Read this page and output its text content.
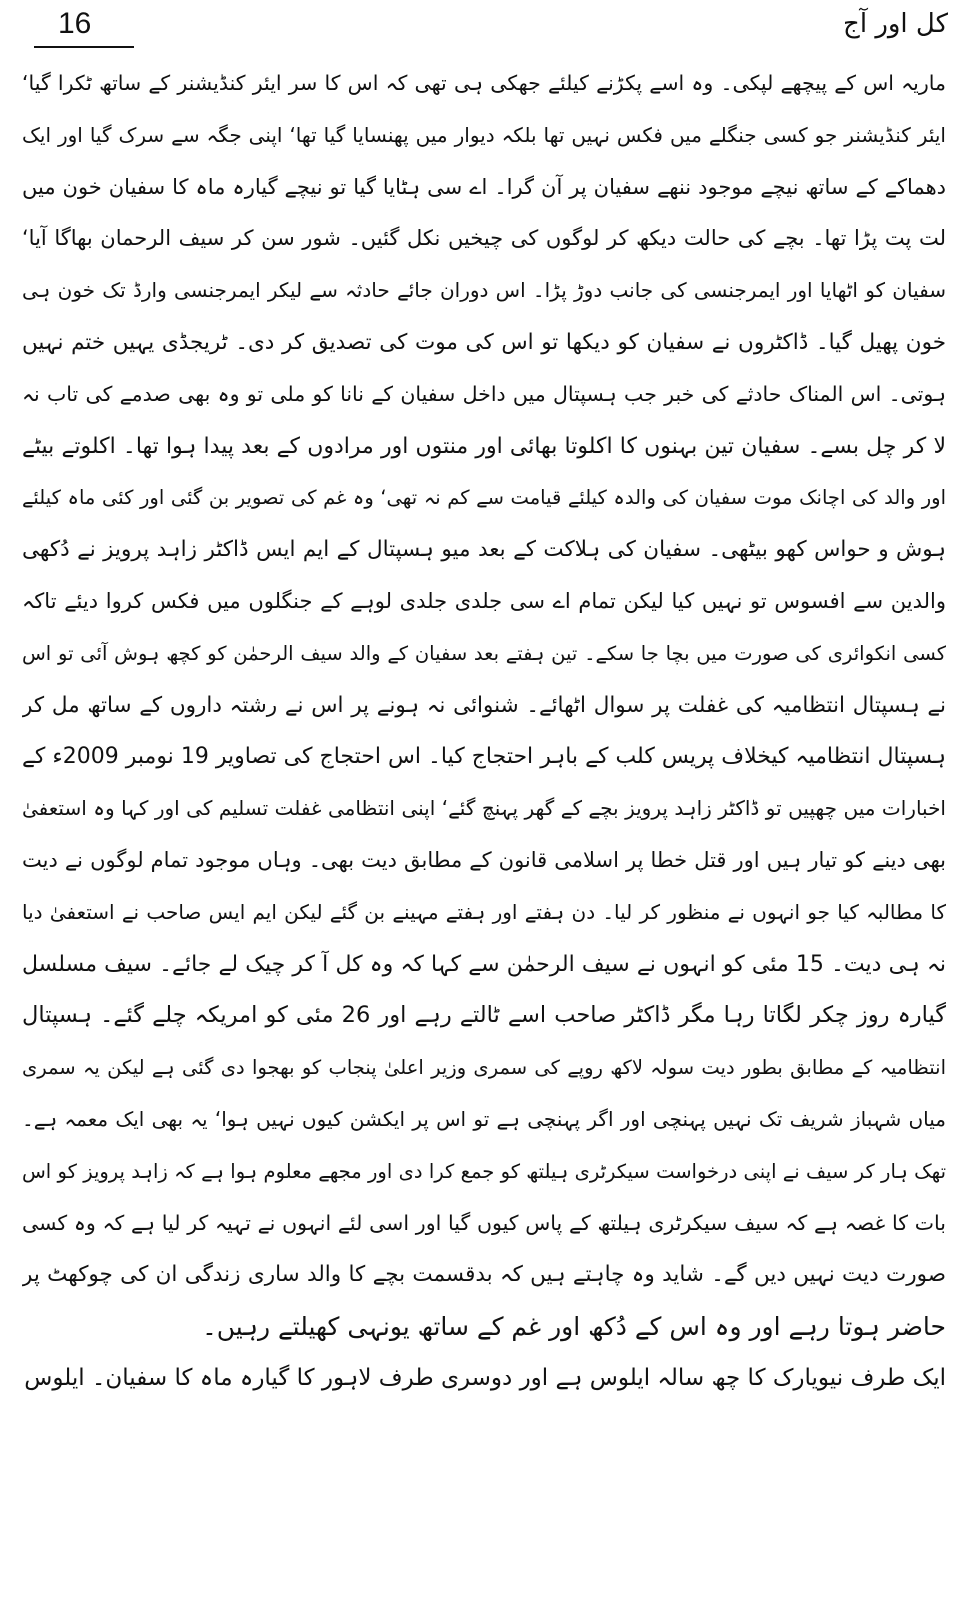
16	کل اور آج
ماریہ اس کے پیچھے لپکی۔ وہ اسے پکڑنے کیلئے جھکی ہی تھی کہ اس کا سر ایئر کنڈیشنر کے ساتھ ٹکرا گیا‘
ایئر کنڈیشنر جو کسی جنگلے میں فکس نہیں تھا بلکہ دیوار میں پھنسایا گیا تھا‘ اپنی جگہ سے سرک گیا اور ایک
دھماکے کے ساتھ نیچے موجود ننھے سفیان پر آن گرا۔ اے سی ہٹایا گیا تو نیچے گیارہ ماہ کا سفیان خون میں
لت پت پڑا تھا۔ بچے کی حالت دیکھ کر لوگوں کی چیخیں نکل گئیں۔ شور سن کر سیف الرحمان بھاگا آیا‘
سفیان کو اٹھایا اور ایمرجنسی کی جانب دوڑ پڑا۔ اس دوران جائے حادثہ سے لیکر ایمرجنسی وارڈ تک خون ہی
خون پھیل گیا۔ ڈاکٹروں نے سفیان کو دیکھا تو اس کی موت کی تصدیق کر دی۔ ٹریجڈی یہیں ختم نہیں
ہوتی۔ اس المناک حادثے کی خبر جب ہسپتال میں داخل سفیان کے نانا کو ملی تو وہ بھی صدمے کی تاب نہ
لا کر چل بسے۔ سفیان تین بہنوں کا اکلوتا بھائی اور منتوں اور مرادوں کے بعد پیدا ہوا تھا۔ اکلوتے بیٹے
اور والد کی اچانک موت سفیان کی والدہ کیلئے قیامت سے کم نہ تھی‘ وہ غم کی تصویر بن گئی اور کئی ماہ کیلئے
ہوش و حواس کھو بیٹھی۔ سفیان کی ہلاکت کے بعد میو ہسپتال کے ایم ایس ڈاکٹر زاہد پرویز نے دُکھی
والدین سے افسوس تو نہیں کیا لیکن تمام اے سی جلدی جلدی لوہے کے جنگلوں میں فکس کروا دیئے تاکہ
کسی انکوائری کی صورت میں بچا جا سکے۔ تین ہفتے بعد سفیان کے والد سیف الرحمٰن کو کچھ ہوش آئی تو اس
نے ہسپتال انتظامیہ کی غفلت پر سوال اٹھائے۔ شنوائی نہ ہونے پر اس نے رشتہ داروں کے ساتھ مل کر
ہسپتال انتظامیہ کیخلاف پریس کلب کے باہر احتجاج کیا۔ اس احتجاج کی تصاویر 19 نومبر 2009ء کے
اخبارات میں چھپیں تو ڈاکٹر زاہد پرویز بچے کے گھر پہنچ گئے‘ اپنی انتظامی غفلت تسلیم کی اور کہا وہ استعفیٰ
بھی دینے کو تیار ہیں اور قتل خطا پر اسلامی قانون کے مطابق دیت بھی۔ وہاں موجود تمام لوگوں نے دیت
کا مطالبہ کیا جو انہوں نے منظور کر لیا۔ دن ہفتے اور ہفتے مہینے بن گئے لیکن ایم ایس صاحب نے استعفیٰ دیا
نہ ہی دیت۔ 15 مئی کو انہوں نے سیف الرحمٰن سے کہا کہ وہ کل آ کر چیک لے جائے۔ سیف مسلسل
گیارہ روز چکر لگاتا رہا مگر ڈاکٹر صاحب اسے ٹالتے رہے اور 26 مئی کو امریکہ چلے گئے۔ ہسپتال
انتظامیہ کے مطابق بطور دیت سولہ لاکھ روپے کی سمری وزیر اعلیٰ پنجاب کو بھجوا دی گئی ہے لیکن یہ سمری
میاں شہباز شریف تک نہیں پہنچی اور اگر پہنچی ہے تو اس پر ایکشن کیوں نہیں ہوا‘ یہ بھی ایک معمہ ہے۔
تھک ہار کر سیف نے اپنی درخواست سیکرٹری ہیلتھ کو جمع کرا دی اور مجھے معلوم ہوا ہے کہ زاہد پرویز کو اس
بات کا غصہ ہے کہ سیف سیکرٹری ہیلتھ کے پاس کیوں گیا اور اسی لئے انہوں نے تہیہ کر لیا ہے کہ وہ کسی
صورت دیت نہیں دیں گے۔ شاید وہ چاہتے ہیں کہ بدقسمت بچے کا والد ساری زندگی ان کی چوکھٹ پر
حاضر ہوتا رہے اور وہ اس کے دُکھ اور غم کے ساتھ یونہی کھیلتے رہیں۔
ایک طرف نیویارک کا چھ سالہ ایلوس ہے اور دوسری طرف لاہور کا گیارہ ماہ کا سفیان۔ ایلوس
